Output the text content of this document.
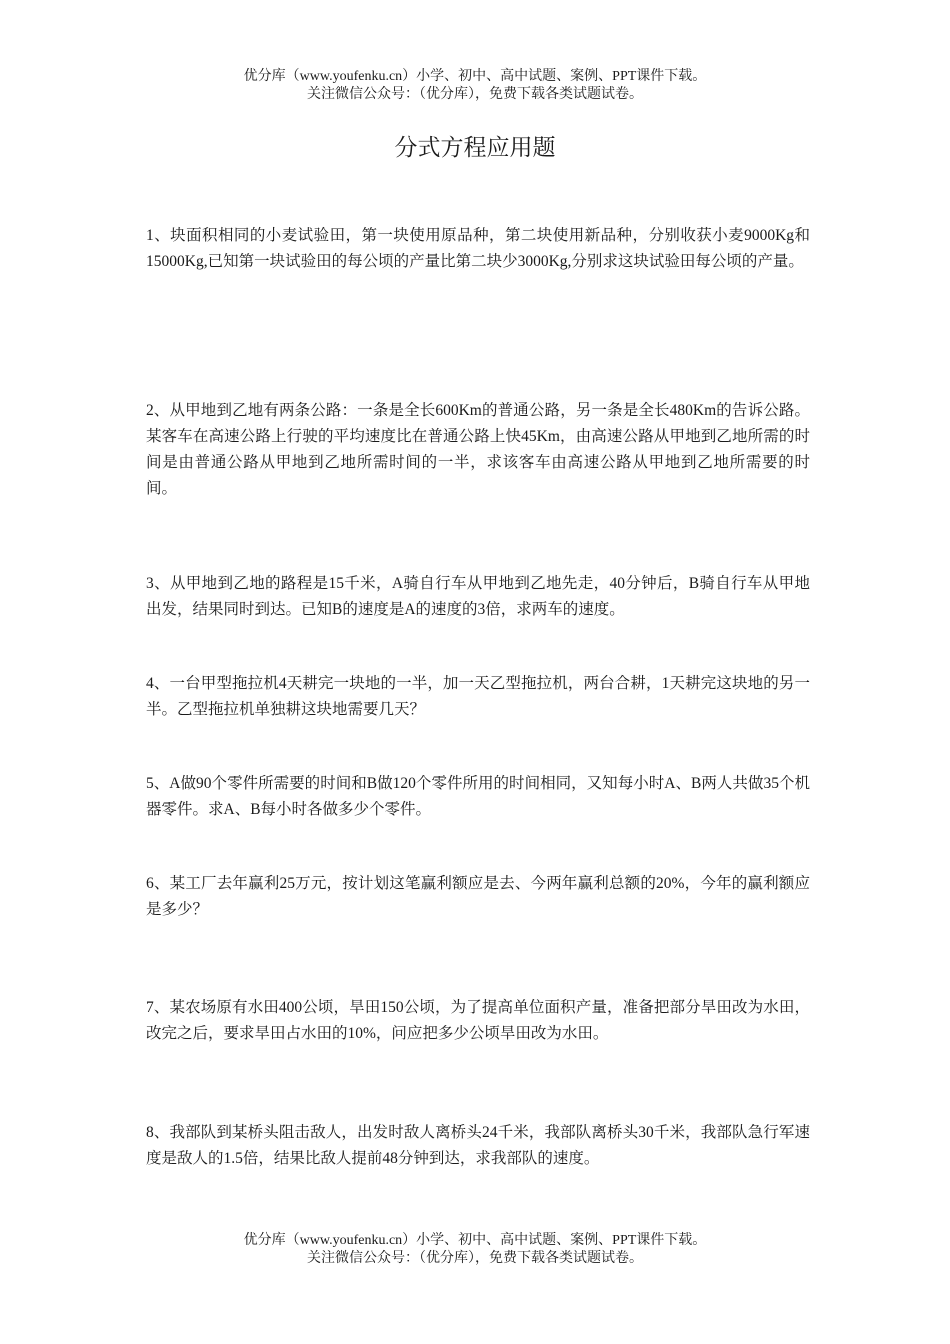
优分库（www.youfenku.cn）小学、初中、高中试题、案例、PPT课件下载。
关注微信公众号：（优分库），免费下载各类试题试卷。
分式方程应用题
1、块面积相同的小麦试验田，第一块使用原品种，第二块使用新品种，分别收获小麦9000Kg和15000Kg,已知第一块试验田的每公顷的产量比第二块少3000Kg,分别求这块试验田每公顷的产量。
2、从甲地到乙地有两条公路：一条是全长600Km的普通公路，另一条是全长480Km的告诉公路。某客车在高速公路上行驶的平均速度比在普通公路上快45Km，由高速公路从甲地到乙地所需的时间是由普通公路从甲地到乙地所需时间的一半，求该客车由高速公路从甲地到乙地所需要的时间。
3、从甲地到乙地的路程是15千米，A骑自行车从甲地到乙地先走，40分钟后，B骑自行车从甲地出发，结果同时到达。已知B的速度是A的速度的3倍，求两车的速度。
4、一台甲型拖拉机4天耕完一块地的一半，加一天乙型拖拉机，两台合耕，1天耕完这块地的另一半。乙型拖拉机单独耕这块地需要几天？
5、A做90个零件所需要的时间和B做120个零件所用的时间相同，又知每小时A、B两人共做35个机器零件。求A、B每小时各做多少个零件。
6、某工厂去年赢利25万元，按计划这笔赢利额应是去、今两年赢利总额的20%，今年的赢利额应是多少？
7、某农场原有水田400公顷，旱田150公顷，为了提高单位面积产量，准备把部分旱田改为水田，改完之后，要求旱田占水田的10%，问应把多少公顷旱田改为水田。
8、我部队到某桥头阻击敌人，出发时敌人离桥头24千米，我部队离桥头30千米，我部队急行军速度是敌人的1.5倍，结果比敌人提前48分钟到达，求我部队的速度。
优分库（www.youfenku.cn）小学、初中、高中试题、案例、PPT课件下载。
关注微信公众号：（优分库），免费下载各类试题试卷。
